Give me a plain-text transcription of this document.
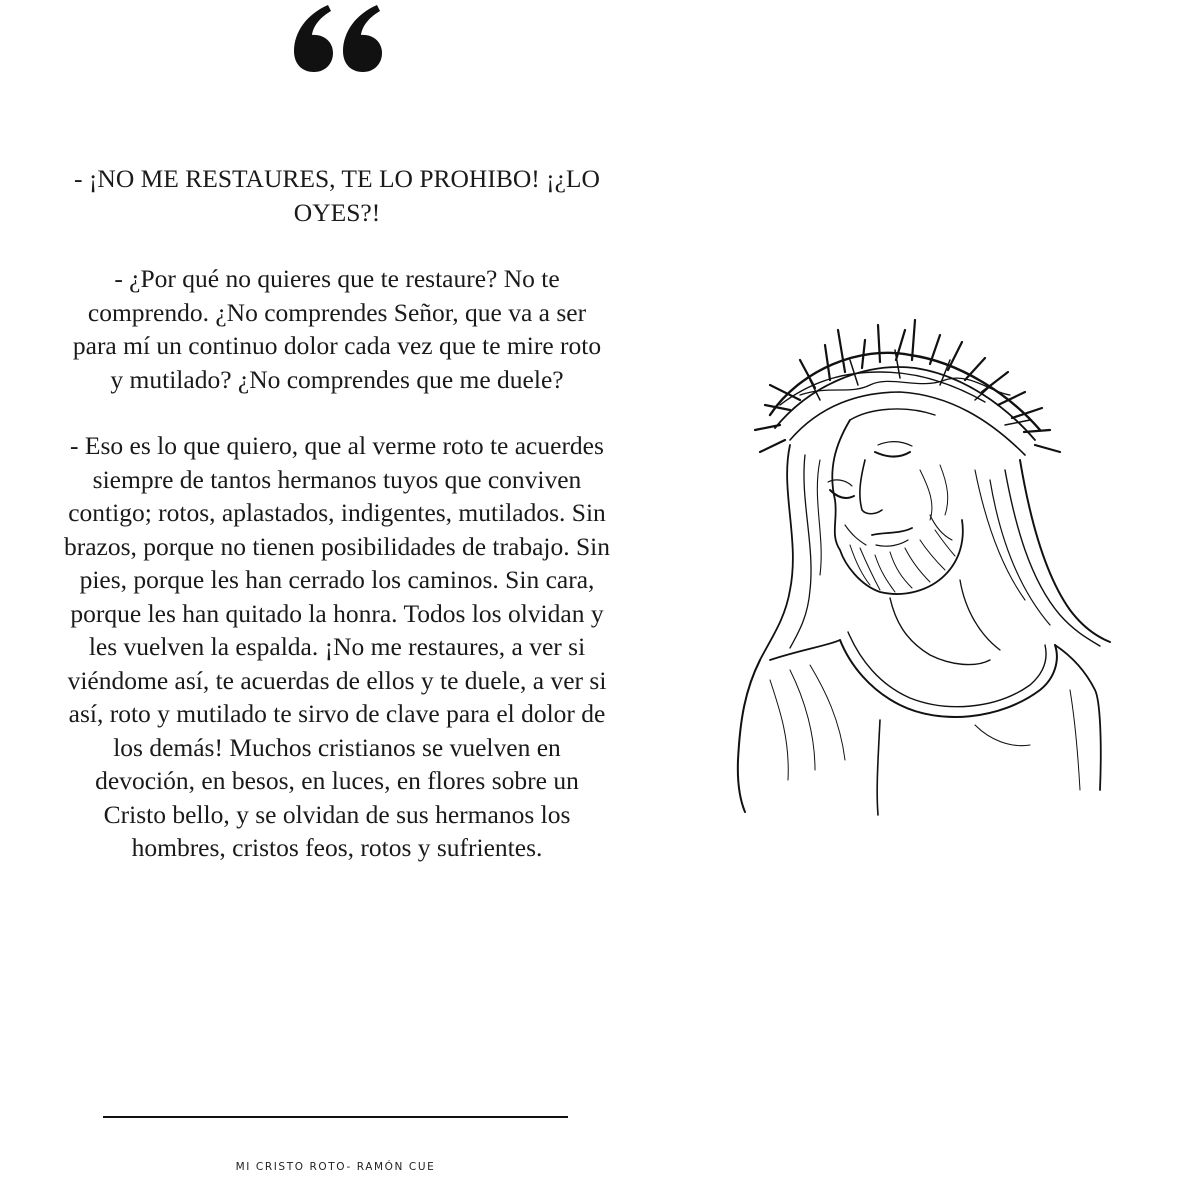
- ¡NO ME RESTAURES, TE LO PROHIBO! ¡¿LO OYES?!

- ¿Por qué no quieres que te restaure? No te comprendo. ¿No comprendes Señor, que va a ser para mí un continuo dolor cada vez que te mire roto y mutilado? ¿No comprendes que me duele?

- Eso es lo que quiero, que al verme roto te acuerdes siempre de tantos hermanos tuyos que conviven contigo; rotos, aplastados, indigentes, mutilados. Sin brazos, porque no tienen posibilidades de trabajo. Sin pies, porque les han cerrado los caminos. Sin cara, porque les han quitado la honra. Todos los olvidan y les vuelven la espalda. ¡No me restaures, a ver si viéndome así, te acuerdas de ellos y te duele, a ver si así, roto y mutilado te sirvo de clave para el dolor de los demás! Muchos cristianos se vuelven en devoción, en besos, en luces, en flores sobre un Cristo bello, y se olvidan de sus hermanos los hombres, cristos feos, rotos y sufrientes.

MI CRISTO ROTO- RAMÓN CUE
